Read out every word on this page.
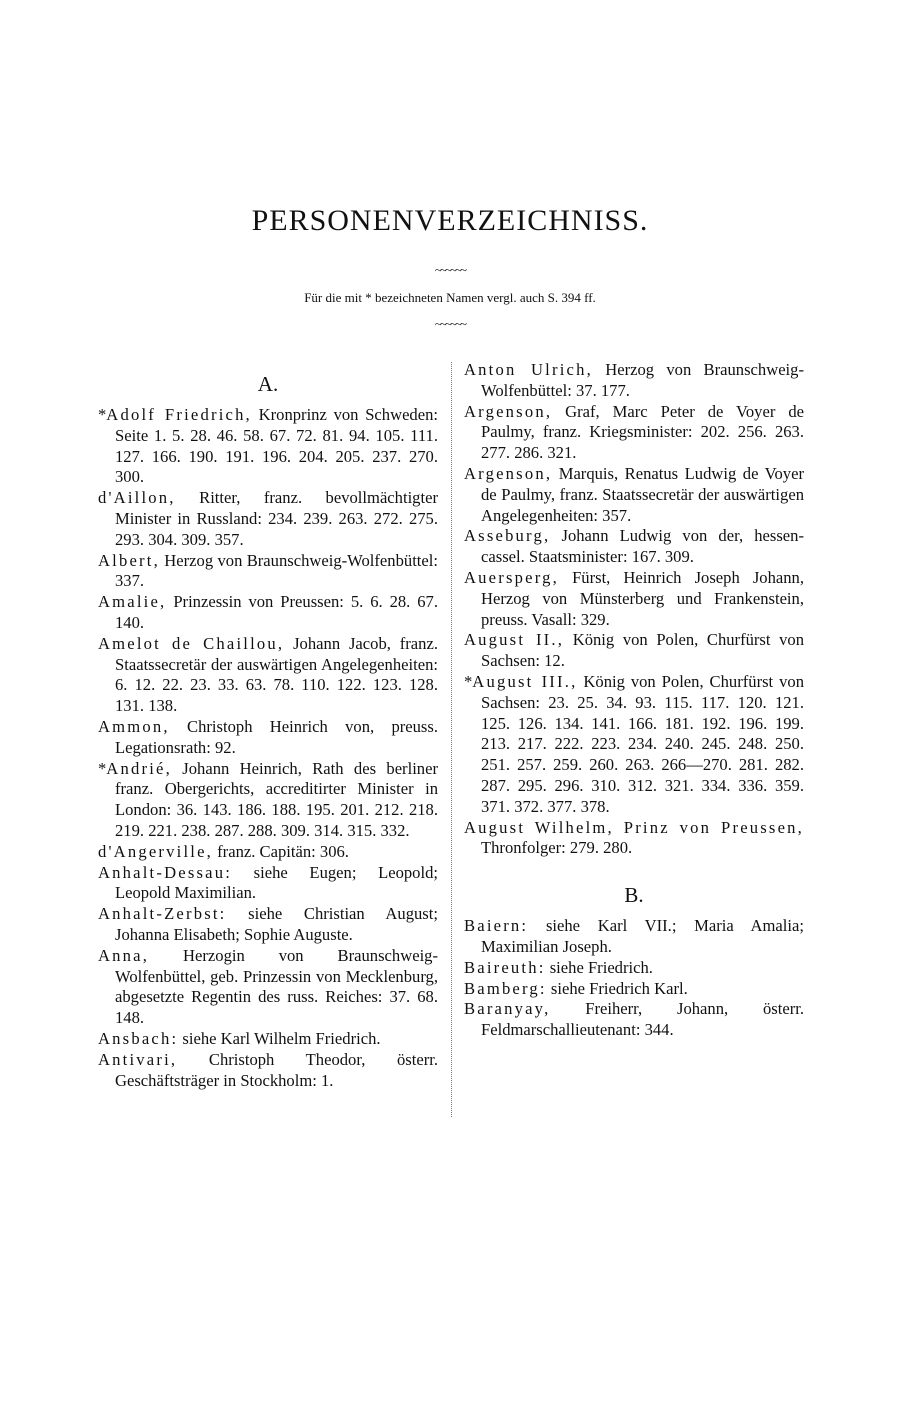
PERSONENVERZEICHNISS.
~~~~~~
Für die mit * bezeichneten Namen vergl. auch S. 394 ff.
~~~~~~
A.

*Adolf Friedrich, Kronprinz von Schweden: Seite 1. 5. 28. 46. 58. 67. 72. 81. 94. 105. 111. 127. 166. 190. 191. 196. 204. 205. 237. 270. 300.

d'Aillon, Ritter, franz. bevollmächtigter Minister in Russland: 234. 239. 263. 272. 275. 293. 304. 309. 357.

Albert, Herzog von Braunschweig-Wolfenbüttel: 337.

Amalie, Prinzessin von Preussen: 5. 6. 28. 67. 140.

Amelot de Chaillou, Johann Jacob, franz. Staatssecretär der auswärtigen Angelegenheiten: 6. 12. 22. 23. 33. 63. 78. 110. 122. 123. 128. 131. 138.

Ammon, Christoph Heinrich von, preuss. Legationsrath: 92.

*Andrié, Johann Heinrich, Rath des berliner franz. Obergerichts, accreditirter Minister in London: 36. 143. 186. 188. 195. 201. 212. 218. 219. 221. 238. 287. 288. 309. 314. 315. 332.

d'Angerville, franz. Capitän: 306.

Anhalt-Dessau: siehe Eugen; Leopold; Leopold Maximilian.

Anhalt-Zerbst: siehe Christian August; Johanna Elisabeth; Sophie Auguste.

Anna, Herzogin von Braunschweig-Wolfenbüttel, geb. Prinzessin von Mecklenburg, abgesetzte Regentin des russ. Reiches: 37. 68. 148.

Ansbach: siehe Karl Wilhelm Friedrich.

Antivari, Christoph Theodor, österr. Geschäftsträger in Stockholm: 1.

Anton Ulrich, Herzog von Braunschweig-Wolfenbüttel: 37. 177.

Argenson, Graf, Marc Peter de Voyer de Paulmy, franz. Kriegsminister: 202. 256. 263. 277. 286. 321.

Argenson, Marquis, Renatus Ludwig de Voyer de Paulmy, franz. Staatssecretär der auswärtigen Angelegenheiten: 357.

Asseburg, Johann Ludwig von der, hessen-cassel. Staatsminister: 167. 309.

Auersperg, Fürst, Heinrich Joseph Johann, Herzog von Münsterberg und Frankenstein, preuss. Vasall: 329.

August II., König von Polen, Churfürst von Sachsen: 12.

*August III., König von Polen, Churfürst von Sachsen: 23. 25. 34. 93. 115. 117. 120. 121. 125. 126. 134. 141. 166. 181. 192. 196. 199. 213. 217. 222. 223. 234. 240. 245. 248. 250. 251. 257. 259. 260. 263. 266—270. 281. 282. 287. 295. 296. 310. 312. 321. 334. 336. 359. 371. 372. 377. 378.

August Wilhelm, Prinz von Preussen, Thronfolger: 279. 280.

B.

Baiern: siehe Karl VII.; Maria Amalia; Maximilian Joseph.

Baireuth: siehe Friedrich.

Bamberg: siehe Friedrich Karl.

Baranyay, Freiherr, Johann, österr. Feldmarschallieutenant: 344.
